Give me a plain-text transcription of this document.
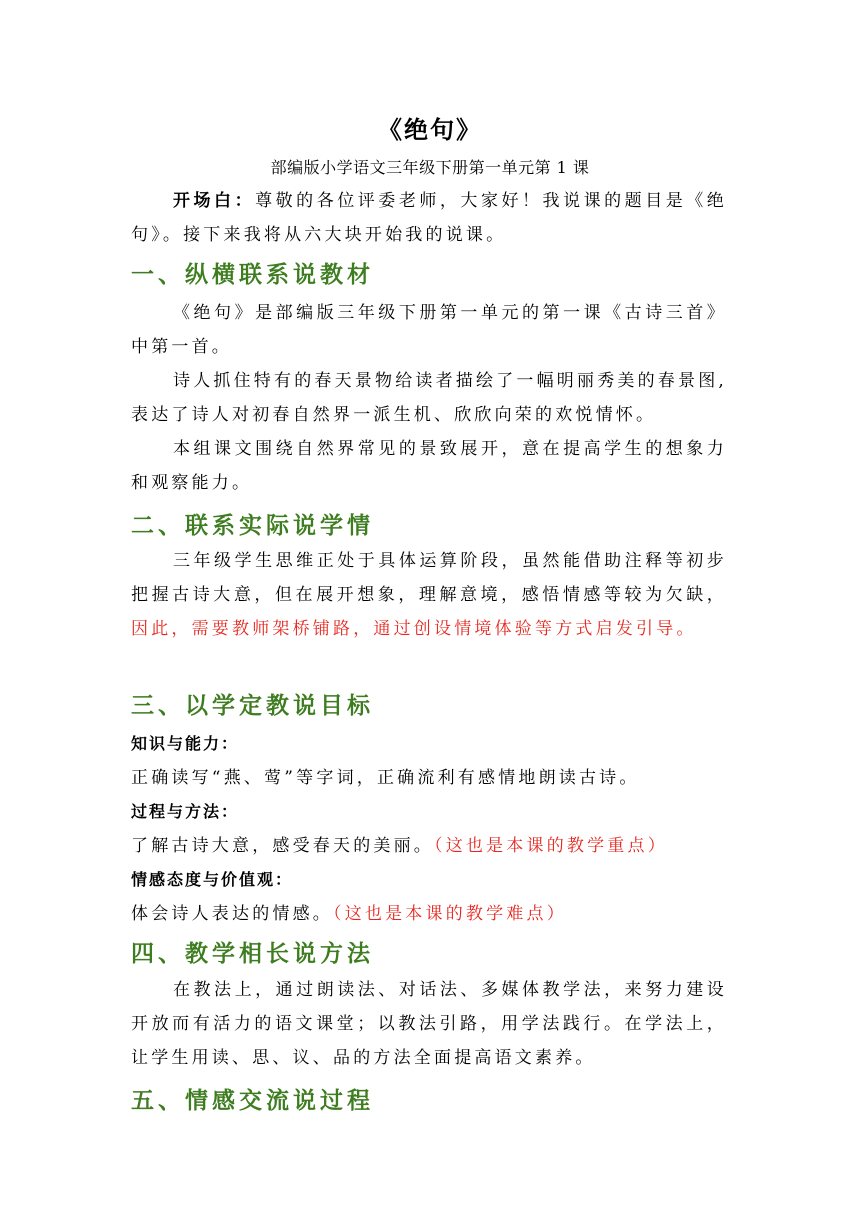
《绝句》
部编版小学语文三年级下册第一单元第 1 课
开场白：尊敬的各位评委老师，大家好！我说课的题目是《绝句》。接下来我将从六大块开始我的说课。
一、纵横联系说教材
《绝句》是部编版三年级下册第一单元的第一课《古诗三首》中第一首。
诗人抓住特有的春天景物给读者描绘了一幅明丽秀美的春景图,表达了诗人对初春自然界一派生机、欣欣向荣的欢悦情怀。
本组课文围绕自然界常见的景致展开，意在提高学生的想象力和观察能力。
二、联系实际说学情
三年级学生思维正处于具体运算阶段，虽然能借助注释等初步把握古诗大意，但在展开想象，理解意境，感悟情感等较为欠缺，因此，需要教师架桥铺路，通过创设情境体验等方式启发引导。
三、以学定教说目标
知识与能力：
正确读写“燕、莺”等字词，正确流利有感情地朗读古诗。
过程与方法：
了解古诗大意，感受春天的美丽。（这也是本课的教学重点）
情感态度与价值观：
体会诗人表达的情感。（这也是本课的教学难点）
四、教学相长说方法
在教法上，通过朗读法、对话法、多媒体教学法，来努力建设开放而有活力的语文课堂；以教法引路，用学法践行。在学法上，让学生用读、思、议、品的方法全面提高语文素养。
五、情感交流说过程
